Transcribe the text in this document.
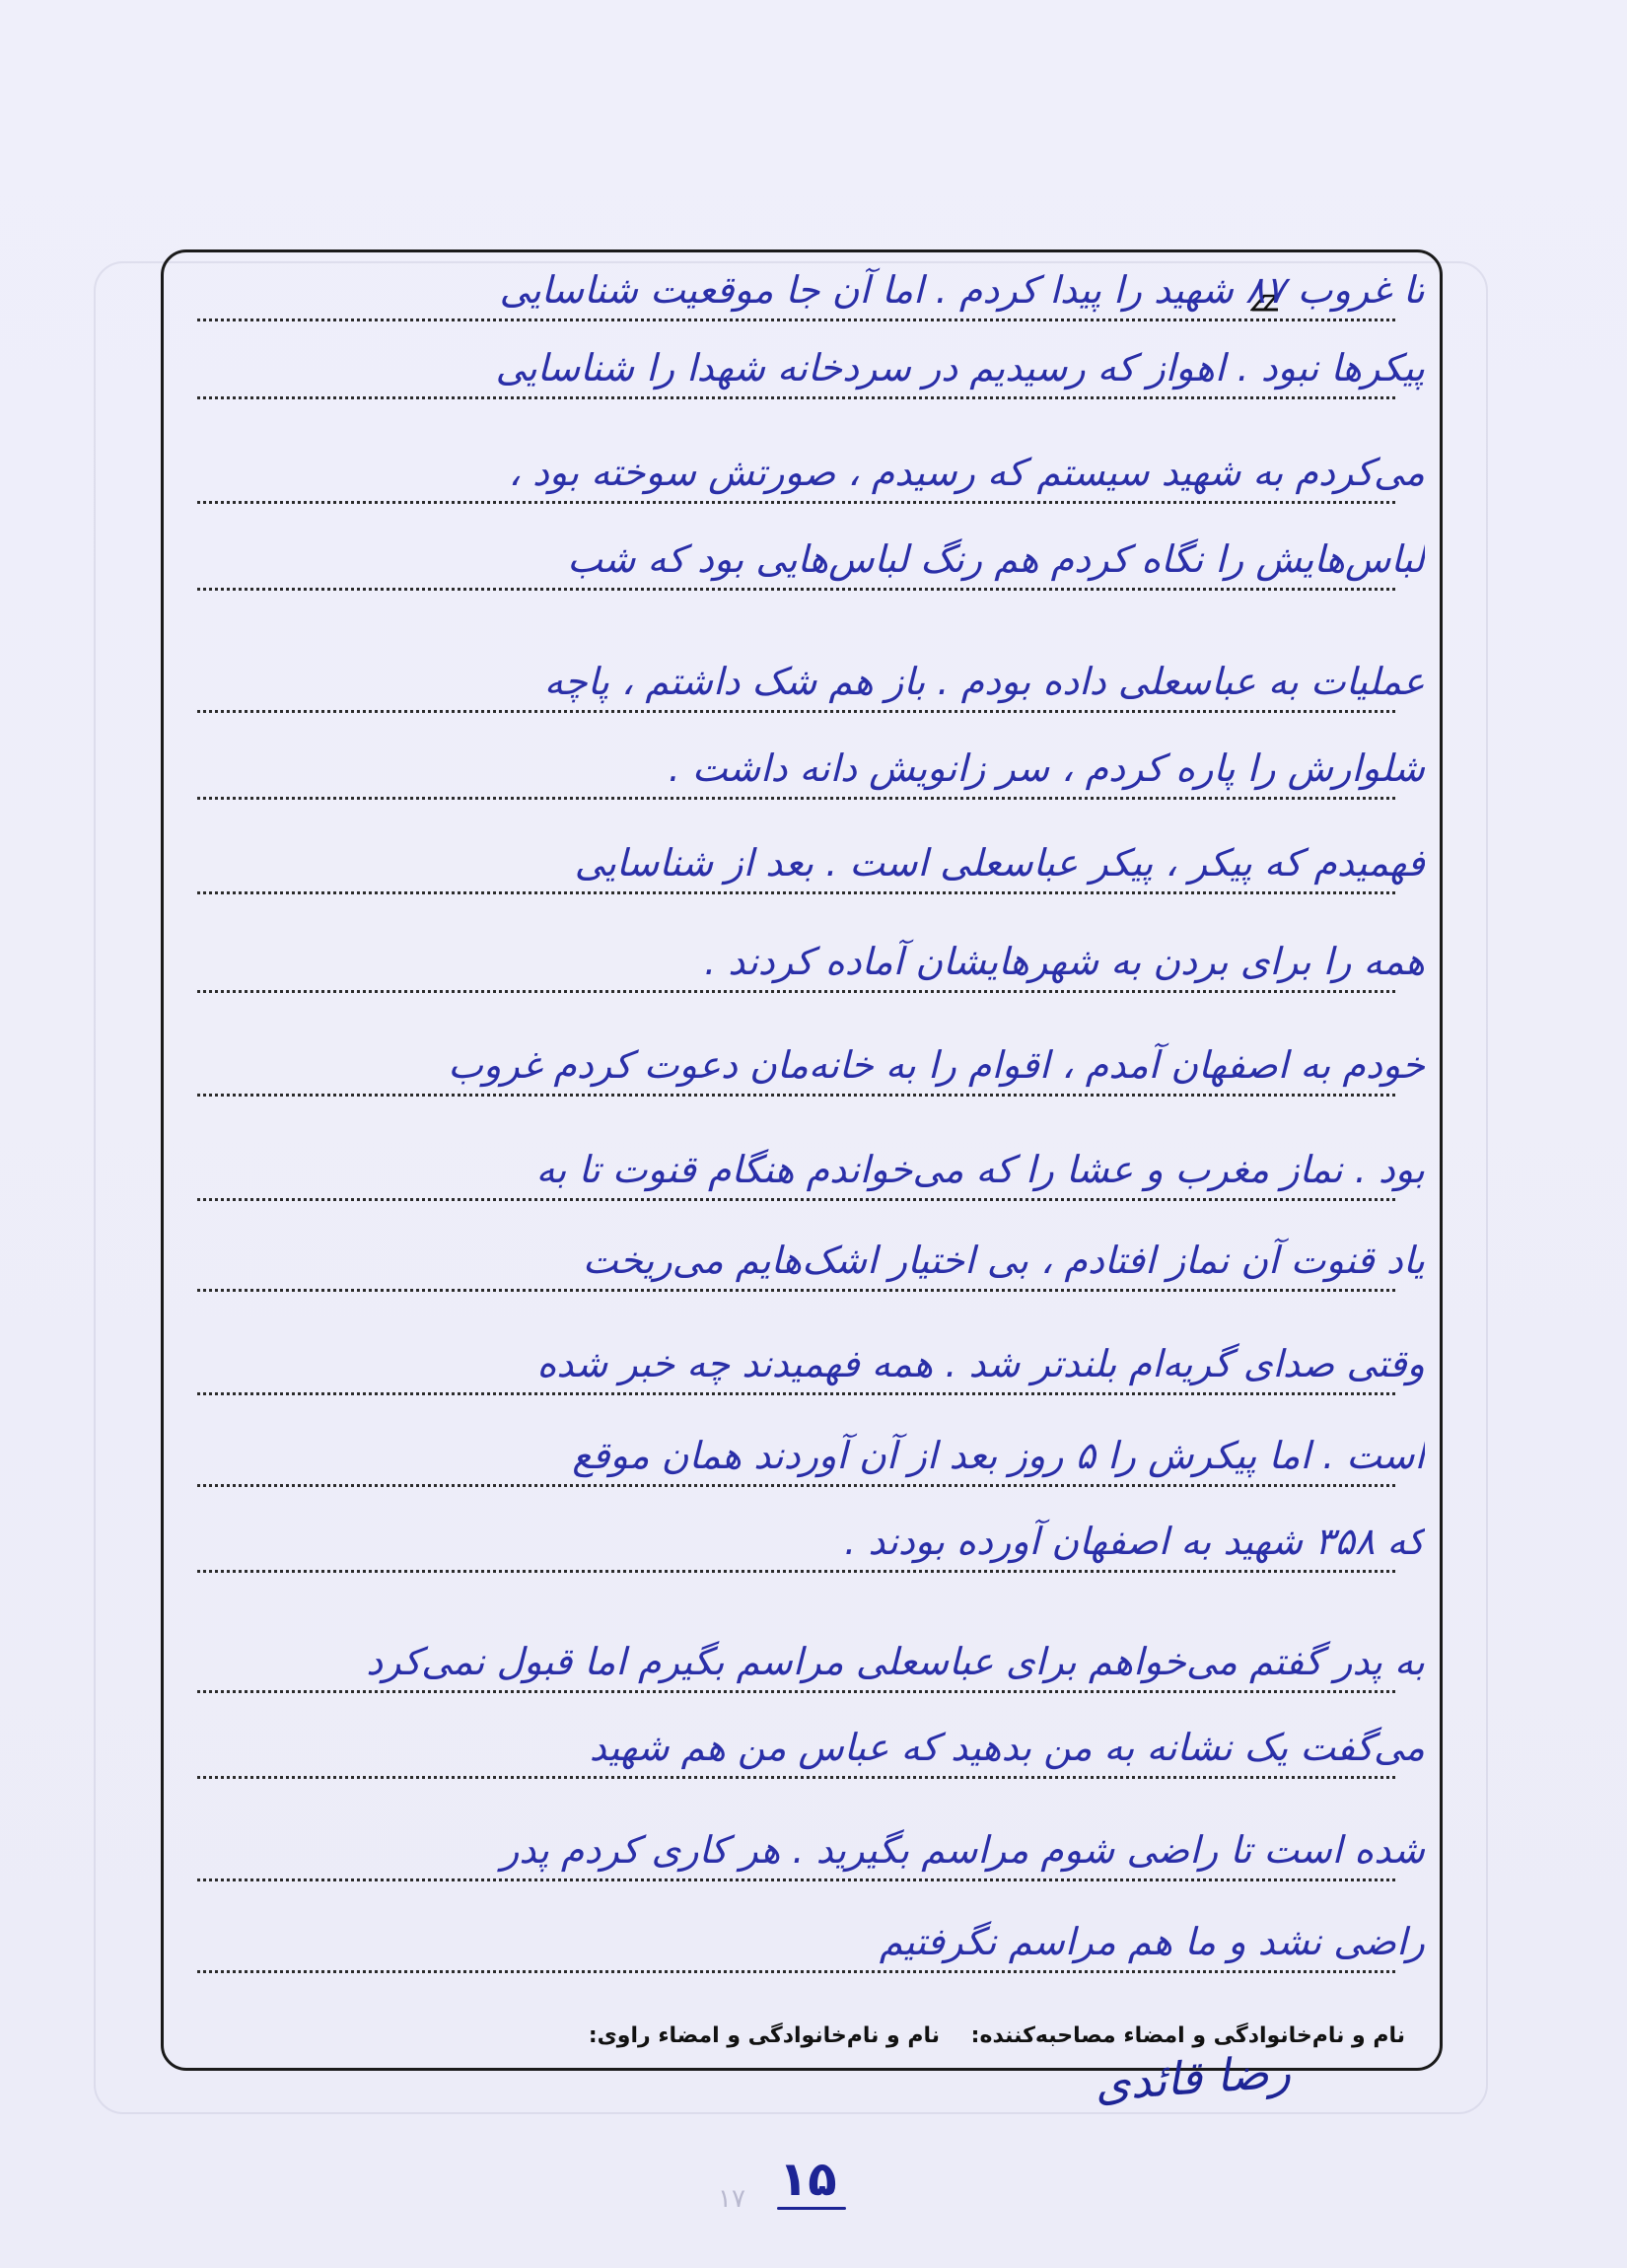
تا غروب ۸۷ شهید را پیدا کردم . اما آن جا موقعیت شناسایی
پیکرها نبود . اهواز که رسیدیم در سردخانه شهدا را شناسایی
می‌کردم به شهید سیستم که رسیدم ، صورتش سوخته بود ،
لباس‌هایش را نگاه کردم هم رنگ لباس‌هایی بود که شب
عملیات به عباسعلی داده بودم . باز هم شک داشتم ، پاچه
شلوارش را پاره کردم ، سر زانویش دانه داشت .
فهمیدم که پیکر ، پیکر عباسعلی است . بعد از شناسایی
همه را برای بردن به شهرهایشان آماده کردند .
خودم به اصفهان آمدم ، اقوام را به خانه‌مان دعوت کردم غروب
بود . نماز مغرب و عشا را که می‌خواندم هنگام قنوت تا به
یاد قنوت آن نماز افتادم ، بی اختیار اشک‌هایم می‌ریخت
وقتی صدای گریه‌ام بلندتر شد . همه فهمیدند چه خبر شده
است . اما پیکرش را ۵ روز بعد از آن آوردند همان موقع
که ۳۵۸ شهید به اصفهان آورده بودند .
به پدر گفتم می‌خواهم برای عباسعلی مراسم بگیرم اما قبول نمی‌کرد
می‌گفت یک نشانه به من بدهید که عباس من هم شهید
شده است تا راضی شوم مراسم بگیرید . هر کاری کردم پدر
راضی نشد و ما هم مراسم نگرفتیم
نام و نام‌خانوادگی و امضاء مصاحبه‌کننده:
نام و نام‌خانوادگی و امضاء راوی:
رضا قائدی
۱۷ ۱۵
